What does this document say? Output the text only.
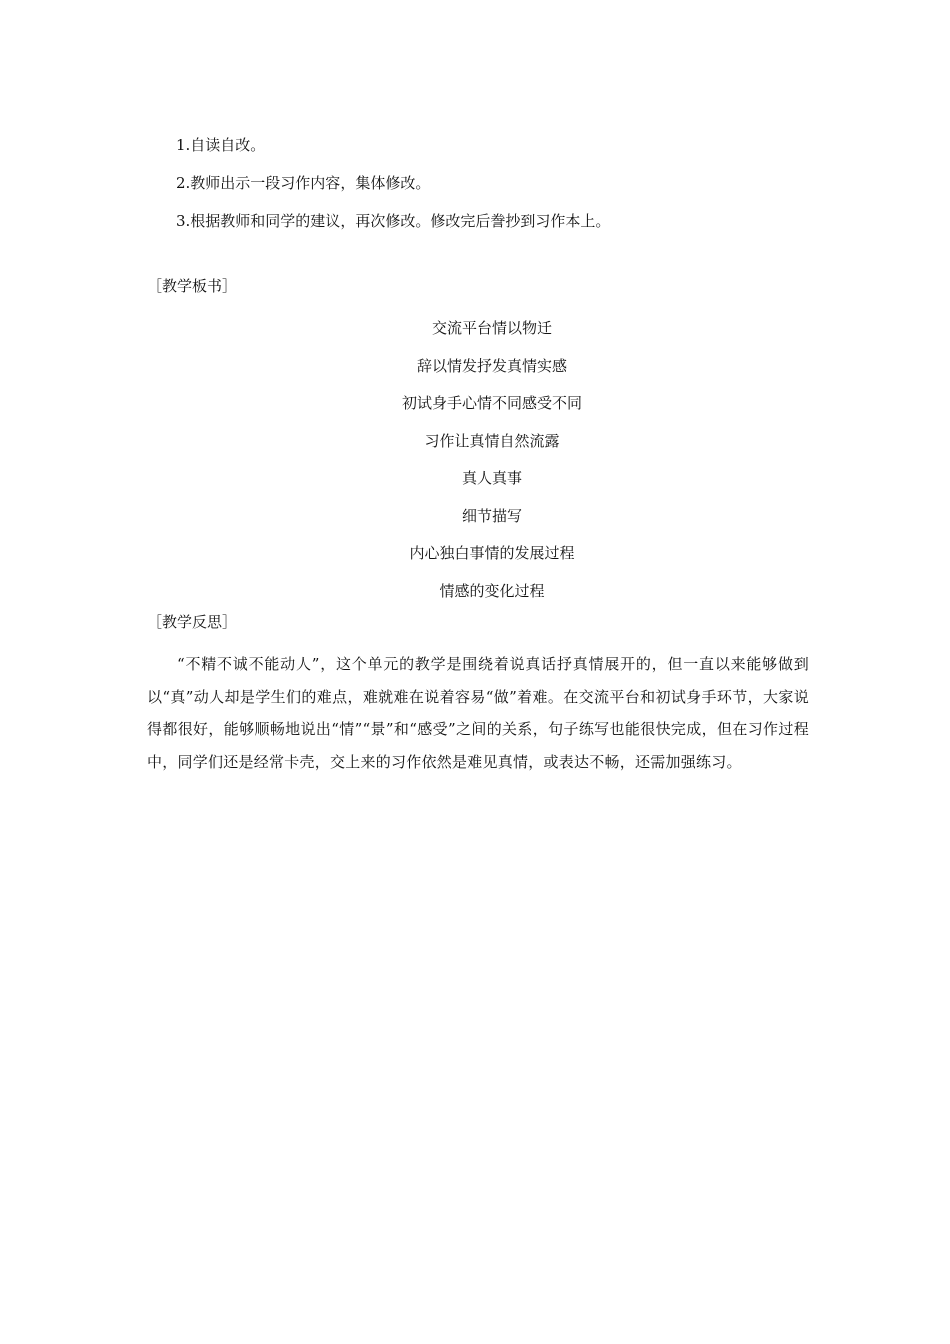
1.自读自改。
2.教师出示一段习作内容，集体修改。
3.根据教师和同学的建议，再次修改。修改完后誊抄到习作本上。
［教学板书］
交流平台情以物迁
辞以情发抒发真情实感
初试身手心情不同感受不同
习作让真情自然流露
真人真事
细节描写
内心独白事情的发展过程
情感的变化过程
［教学反思］

“不精不诚不能动人”，这个单元的教学是围绕着说真话抒真情展开的，但一直以来能够做到以“真”动人却是学生们的难点，难就难在说着容易“做”着难。在交流平台和初试身手环节，大家说得都很好，能够顺畅地说出“情”“景”和“感受”之间的关系，句子练写也能很快完成，但在习作过程中，同学们还是经常卡壳，交上来的习作依然是难见真情，或表达不畅，还需加强练习。
